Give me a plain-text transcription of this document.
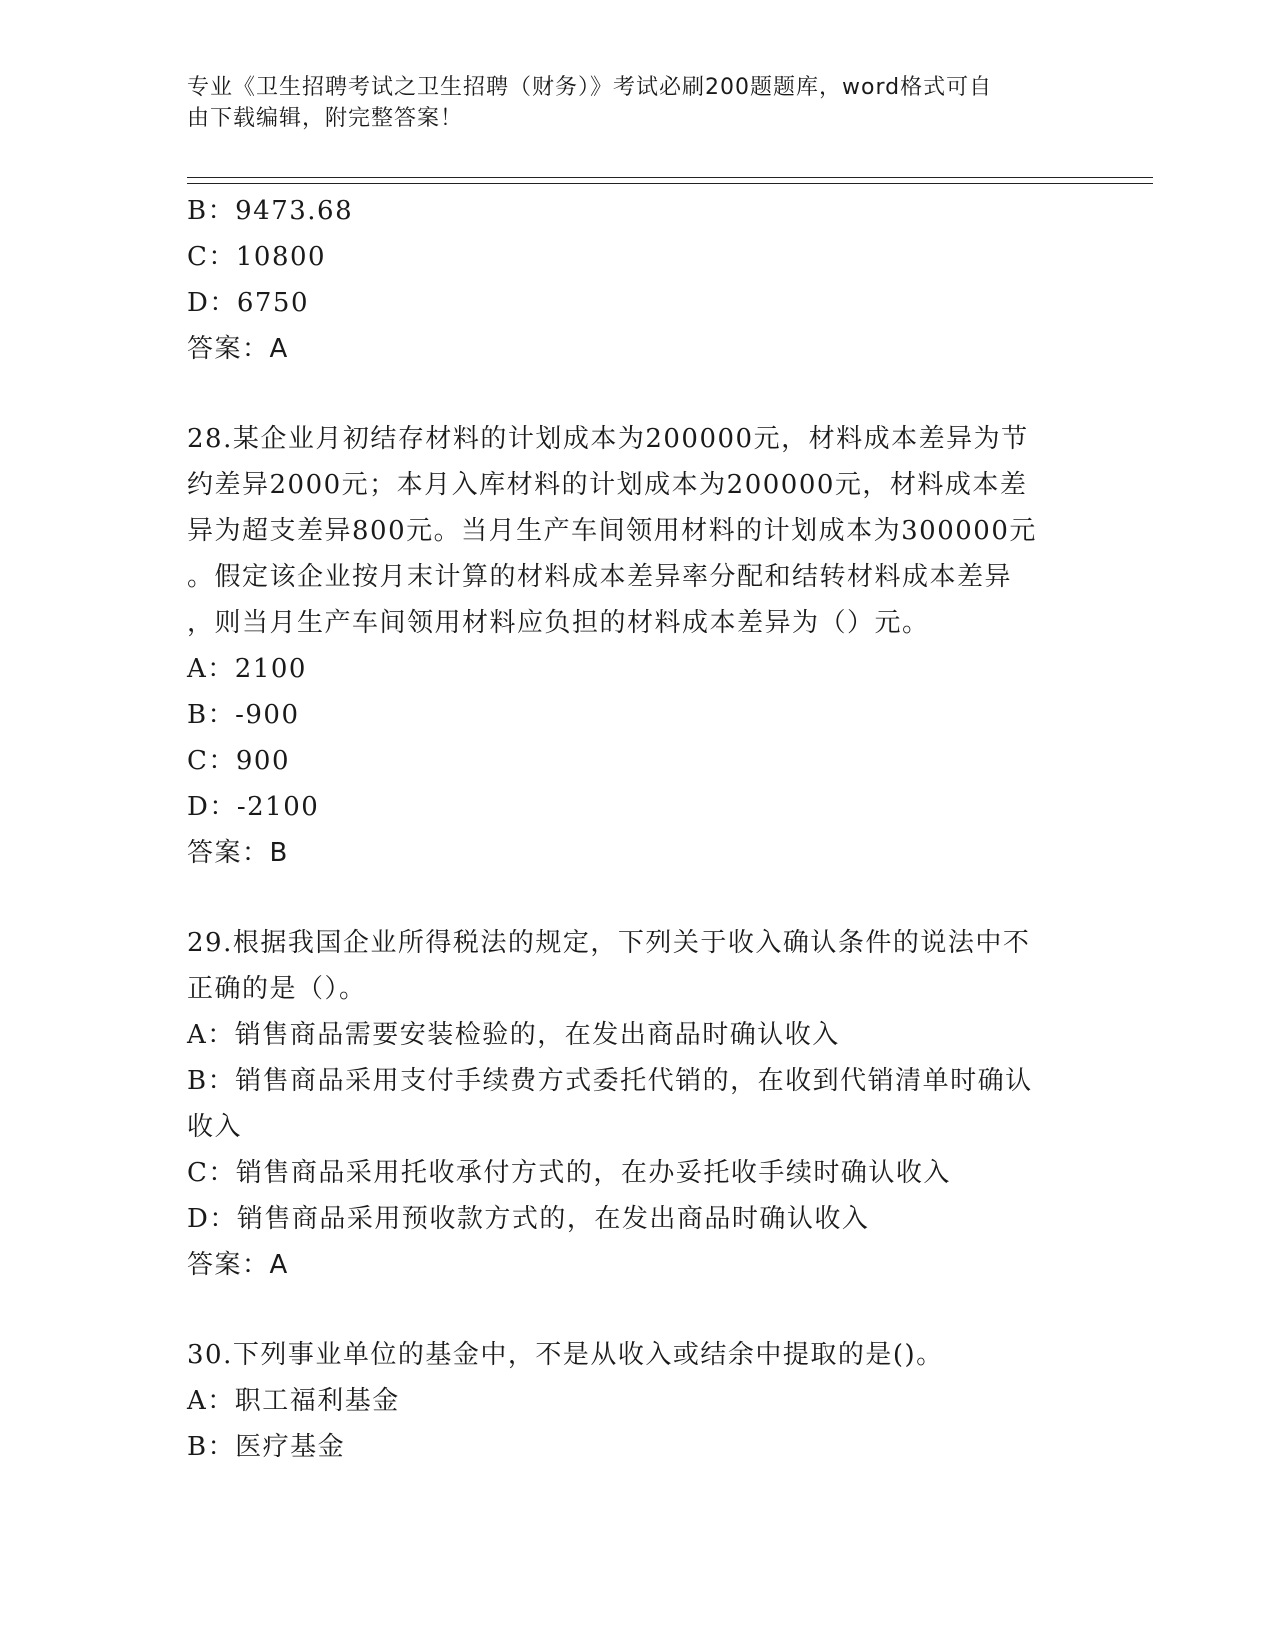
专业《卫生招聘考试之卫生招聘（财务）》考试必刷200题题库，word格式可自
由下载编辑，附完整答案！
B：9473.68
C：10800
D：6750
答案：A
28.某企业月初结存材料的计划成本为200000元，材料成本差异为节
约差异2000元；本月入库材料的计划成本为200000元，材料成本差
异为超支差异800元。当月生产车间领用材料的计划成本为300000元
。假定该企业按月末计算的材料成本差异率分配和结转材料成本差异
，则当月生产车间领用材料应负担的材料成本差异为（）元。
A：2100
B：-900
C：900
D：-2100
答案：B
29.根据我国企业所得税法的规定，下列关于收入确认条件的说法中不
正确的是（）。
A：销售商品需要安装检验的，在发出商品时确认收入
B：销售商品采用支付手续费方式委托代销的，在收到代销清单时确认
收入
C：销售商品采用托收承付方式的，在办妥托收手续时确认收入
D：销售商品采用预收款方式的，在发出商品时确认收入
答案：A
30.下列事业单位的基金中，不是从收入或结余中提取的是()。
A：职工福利基金
B：医疗基金
